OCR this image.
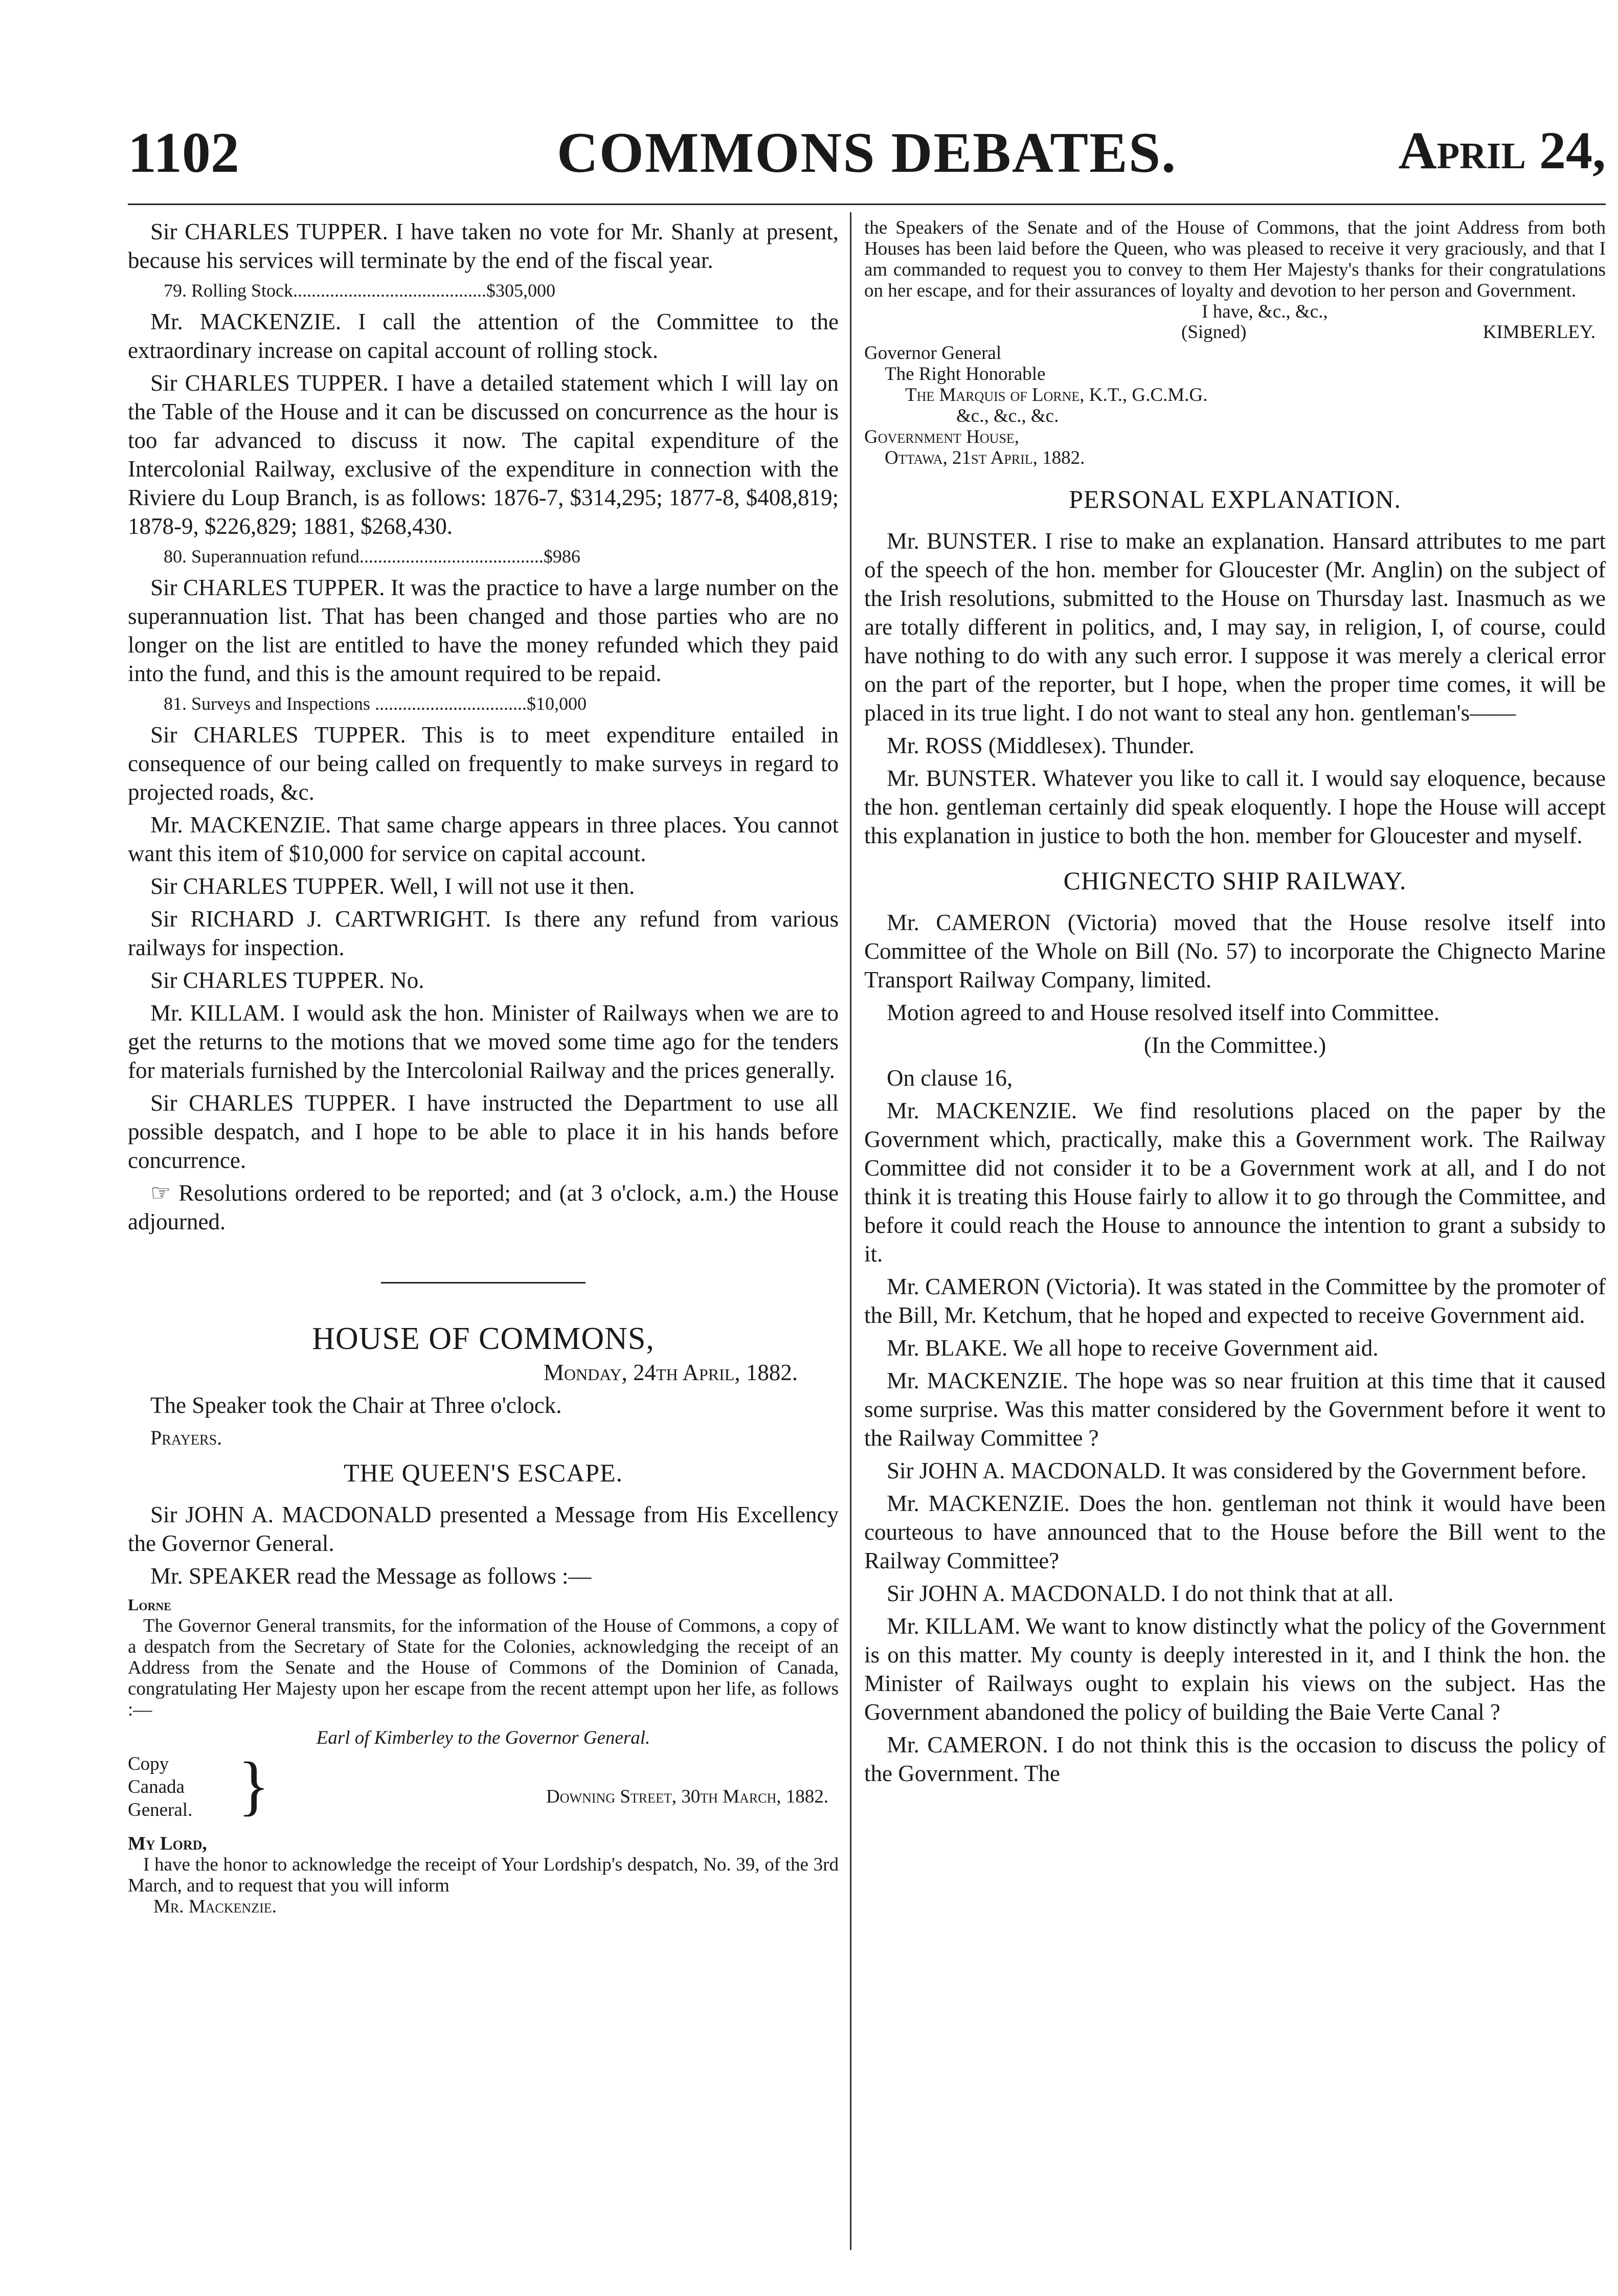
1102	COMMONS DEBATES.	April 24,

Sir CHARLES TUPPER. I have taken no vote for Mr. Shanly at present, because his services will terminate by the end of the fiscal year.

79. Rolling Stock..........................................$305,000

Mr. MACKENZIE. I call the attention of the Committee to the extraordinary increase on capital account of rolling stock.

Sir CHARLES TUPPER. I have a detailed statement which I will lay on the Table of the House and it can be discussed on concurrence as the hour is too far advanced to discuss it now. The capital expenditure of the Intercolonial Railway, exclusive of the expenditure in connection with the Riviere du Loup Branch, is as follows: 1876-7, $314,295; 1877-8, $408,819; 1878-9, $226,829; 1881, $268,430.

80. Superannuation refund........................................$986

Sir CHARLES TUPPER. It was the practice to have a large number on the superannuation list. That has been changed and those parties who are no longer on the list are entitled to have the money refunded which they paid into the fund, and this is the amount required to be repaid.

81. Surveys and Inspections .................................$10,000

Sir CHARLES TUPPER. This is to meet expenditure entailed in consequence of our being called on frequently to make surveys in regard to projected roads, &c.

Mr. MACKENZIE. That same charge appears in three places. You cannot want this item of $10,000 for service on capital account.

Sir CHARLES TUPPER. Well, I will not use it then.

Sir RICHARD J. CARTWRIGHT. Is there any refund from various railways for inspection.

Sir CHARLES TUPPER. No.

Mr. KILLAM. I would ask the hon. Minister of Railways when we are to get the returns to the motions that we moved some time ago for the tenders for materials furnished by the Intercolonial Railway and the prices generally.

Sir CHARLES TUPPER. I have instructed the Department to use all possible despatch, and I hope to be able to place it in his hands before concurrence.

☞ Resolutions ordered to be reported; and (at 3 o'clock, a.m.) the House adjourned.

HOUSE OF COMMONS,
Monday, 24th April, 1882.

The Speaker took the Chair at Three o'clock.

Prayers.

THE QUEEN'S ESCAPE.

Sir JOHN A. MACDONALD presented a Message from His Excellency the Governor General.

Mr. SPEAKER read the Message as follows :—

Lorne

The Governor General transmits, for the information of the House of Commons, a copy of a despatch from the Secretary of State for the Colonies, acknowledging the receipt of an Address from the Senate and the House of Commons of the Dominion of Canada, congratulating Her Majesty upon her escape from the recent attempt upon her life, as follows :—

Earl of Kimberley to the Governor General.
Copy
Canada
General. }	Downing Street, 30th March, 1882.
My Lord,

I have the honor to acknowledge the receipt of Your Lordship's despatch, No. 39, of the 3rd March, and to request that you will inform

Mr. Mackenzie.

the Speakers of the Senate and of the House of Commons, that the joint Address from both Houses has been laid before the Queen, who was pleased to receive it very graciously, and that I am commanded to request you to convey to them Her Majesty's thanks for their congratulations on her escape, and for their assurances of loyalty and devotion to her person and Government.

I have, &c., &c.,
(Signed)	KIMBERLEY.
Governor General
The Right Honorable
The Marquis of Lorne, K.T., G.C.M.G.
&c., &c., &c.
Government House,
Ottawa, 21st April, 1882.
PERSONAL EXPLANATION.

Mr. BUNSTER. I rise to make an explanation. Hansard attributes to me part of the speech of the hon. member for Gloucester (Mr. Anglin) on the subject of the Irish resolutions, submitted to the House on Thursday last. Inasmuch as we are totally different in politics, and, I may say, in religion, I, of course, could have nothing to do with any such error. I suppose it was merely a clerical error on the part of the reporter, but I hope, when the proper time comes, it will be placed in its true light. I do not want to steal any hon. gentleman's——

Mr. ROSS (Middlesex). Thunder.

Mr. BUNSTER. Whatever you like to call it. I would say eloquence, because the hon. gentleman certainly did speak eloquently. I hope the House will accept this explanation in justice to both the hon. member for Gloucester and myself.

CHIGNECTO SHIP RAILWAY.

Mr. CAMERON (Victoria) moved that the House resolve itself into Committee of the Whole on Bill (No. 57) to incorporate the Chignecto Marine Transport Railway Company, limited.

Motion agreed to and House resolved itself into Committee.

(In the Committee.)

On clause 16,

Mr. MACKENZIE. We find resolutions placed on the paper by the Government which, practically, make this a Government work. The Railway Committee did not consider it to be a Government work at all, and I do not think it is treating this House fairly to allow it to go through the Committee, and before it could reach the House to announce the intention to grant a subsidy to it.

Mr. CAMERON (Victoria). It was stated in the Committee by the promoter of the Bill, Mr. Ketchum, that he hoped and expected to receive Government aid.

Mr. BLAKE. We all hope to receive Government aid.

Mr. MACKENZIE. The hope was so near fruition at this time that it caused some surprise. Was this matter considered by the Government before it went to the Railway Committee ?

Sir JOHN A. MACDONALD. It was considered by the Government before.

Mr. MACKENZIE. Does the hon. gentleman not think it would have been courteous to have announced that to the House before the Bill went to the Railway Committee?

Sir JOHN A. MACDONALD. I do not think that at all.

Mr. KILLAM. We want to know distinctly what the policy of the Government is on this matter. My county is deeply interested in it, and I think the hon. the Minister of Railways ought to explain his views on the subject. Has the Government abandoned the policy of building the Baie Verte Canal ?

Mr. CAMERON. I do not think this is the occasion to discuss the policy of the Government. The
